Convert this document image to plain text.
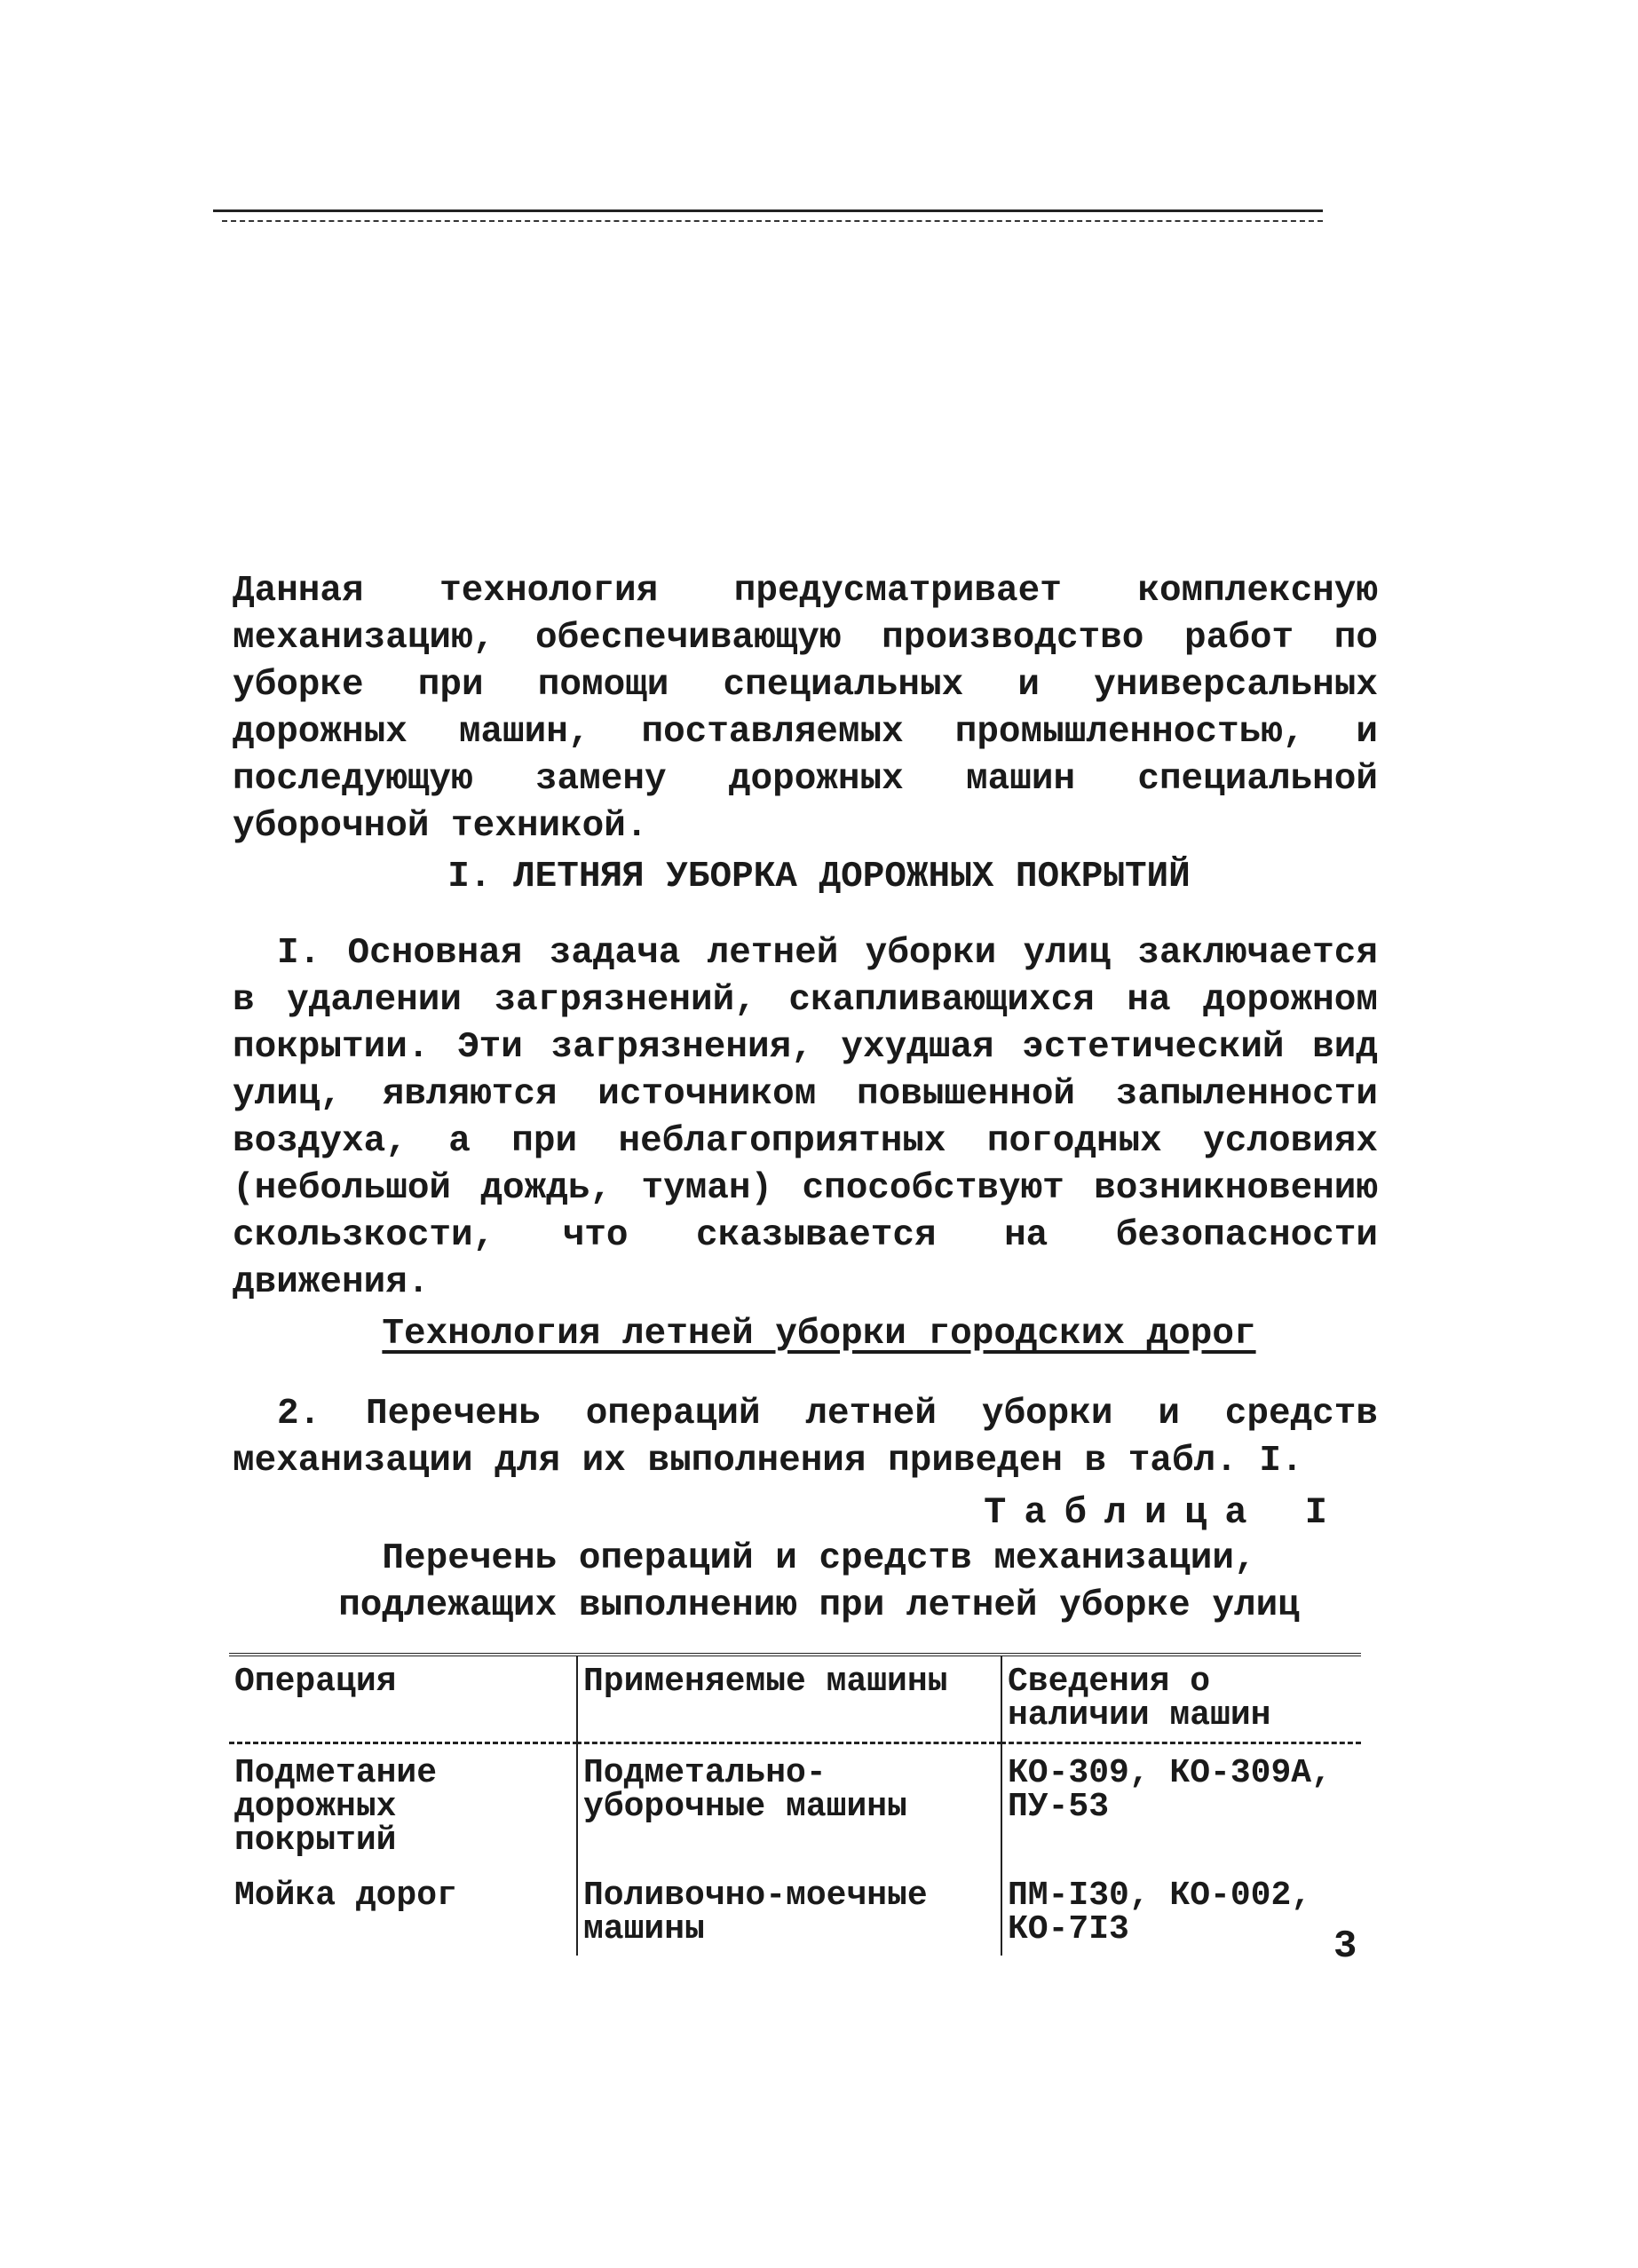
Данная технология предусматривает комплексную механизацию, обеспечивающую производство работ по уборке при помощи специальных и универсальных дорожных машин, поставляемых промышленностью, и последующую замену дорожных машин специальной уборочной техникой.

I. ЛЕТНЯЯ УБОРКА ДОРОЖНЫХ ПОКРЫТИЙ

I. Основная задача летней уборки улиц заключается в удалении загрязнений, скапливающихся на дорожном покрытии. Эти загрязнения, ухудшая эстетический вид улиц, являются источником повышенной запыленности воздуха, а при неблагоприятных погодных условиях (небольшой дождь, туман) способствуют возникновению скользкости, что сказывается на безопасности движения.

Технология летней уборки городских дорог

2. Перечень операций летней уборки и средств механизации для их выполнения приведен в табл. I.

Таблица I
Перечень операций и средств механизации,
подлежащих выполнению при летней уборке улиц
Операция	Применяемые машины	Сведения о наличии машин
Подметание дорожных покрытий	Подметально-уборочные машины	КО-309, КО-309А, ПУ-53
Мойка дорог	Поливочно-моечные машины	ПМ-I30, КО-002, КО-7I3	3
